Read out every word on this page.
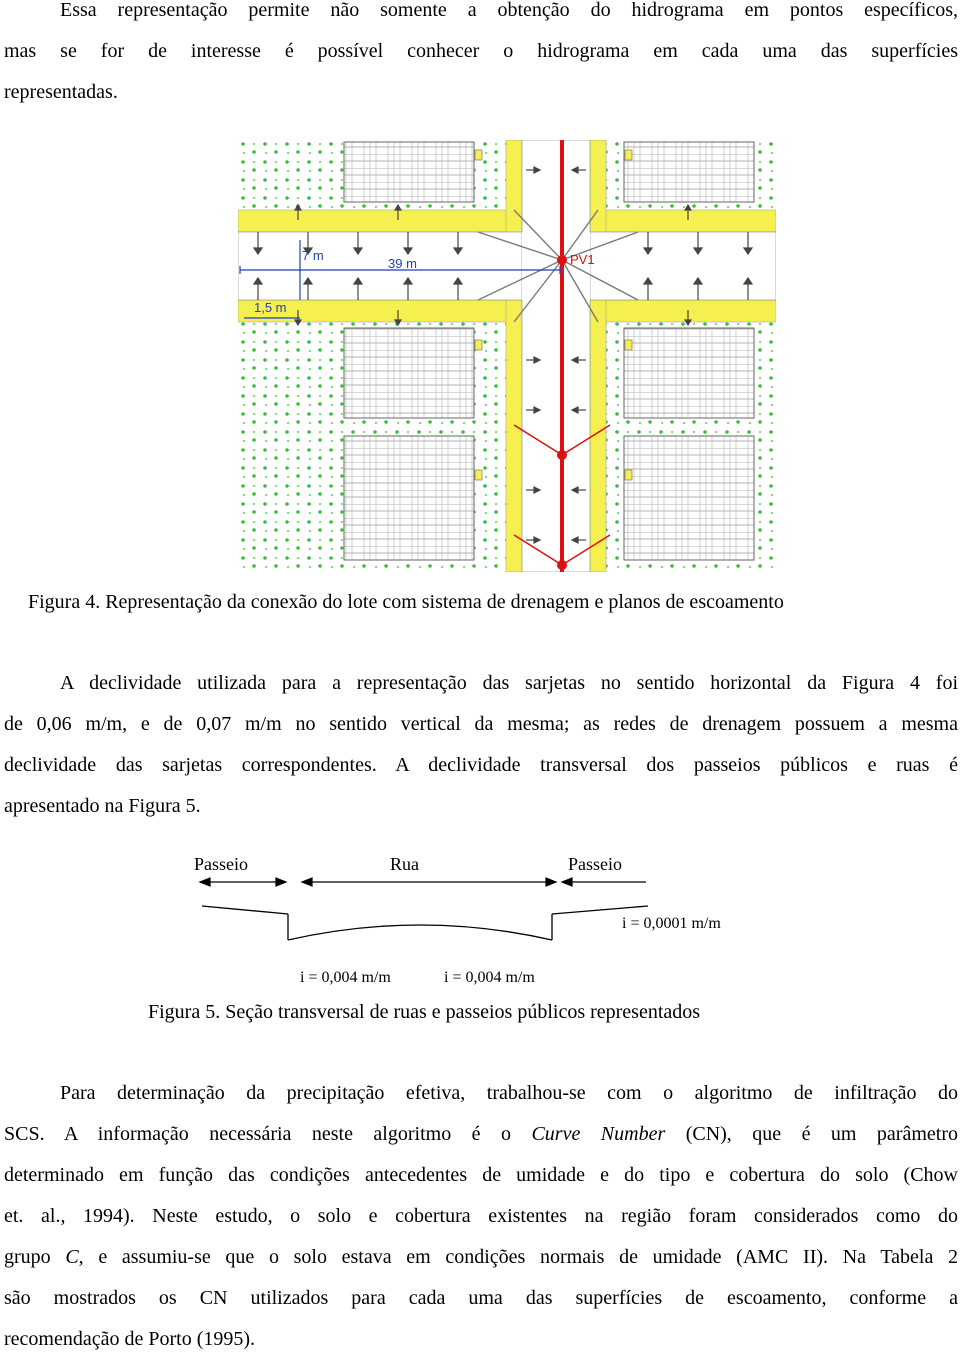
Essa representação permite não somente a obtenção do hidrograma em pontos específicos,
mas se for de interesse é possível conhecer o hidrograma em cada uma das superfícies
representadas.
7 m
39 m
1,5 m
PV1
Figura 4. Representação da conexão do lote com sistema de drenagem e planos de escoamento
A declividade utilizada para a representação das sarjetas no sentido horizontal da Figura 4 foi
de 0,06 m/m, e de 0,07 m/m no sentido vertical da mesma; as redes de drenagem possuem a mesma
declividade das sarjetas correspondentes. A declividade transversal dos passeios públicos e ruas é
apresentado na Figura 5.
Passeio	Rua	Passeio
i = 0,0001 m/m
i = 0,004 m/m	i = 0,004 m/m
Figura 5. Seção transversal de ruas e passeios públicos representados
Para determinação da precipitação efetiva, trabalhou-se com o algoritmo de infiltração do
SCS. A informação necessária neste algoritmo é o Curve Number (CN), que é um parâmetro
determinado em função das condições antecedentes de umidade e do tipo e cobertura do solo (Chow
et. al., 1994). Neste estudo, o solo e cobertura existentes na região foram considerados como do
grupo C, e assumiu-se que o solo estava em condições normais de umidade (AMC II). Na Tabela 2
são mostrados os CN utilizados para cada uma das superfícies de escoamento, conforme a
recomendação de Porto (1995).
